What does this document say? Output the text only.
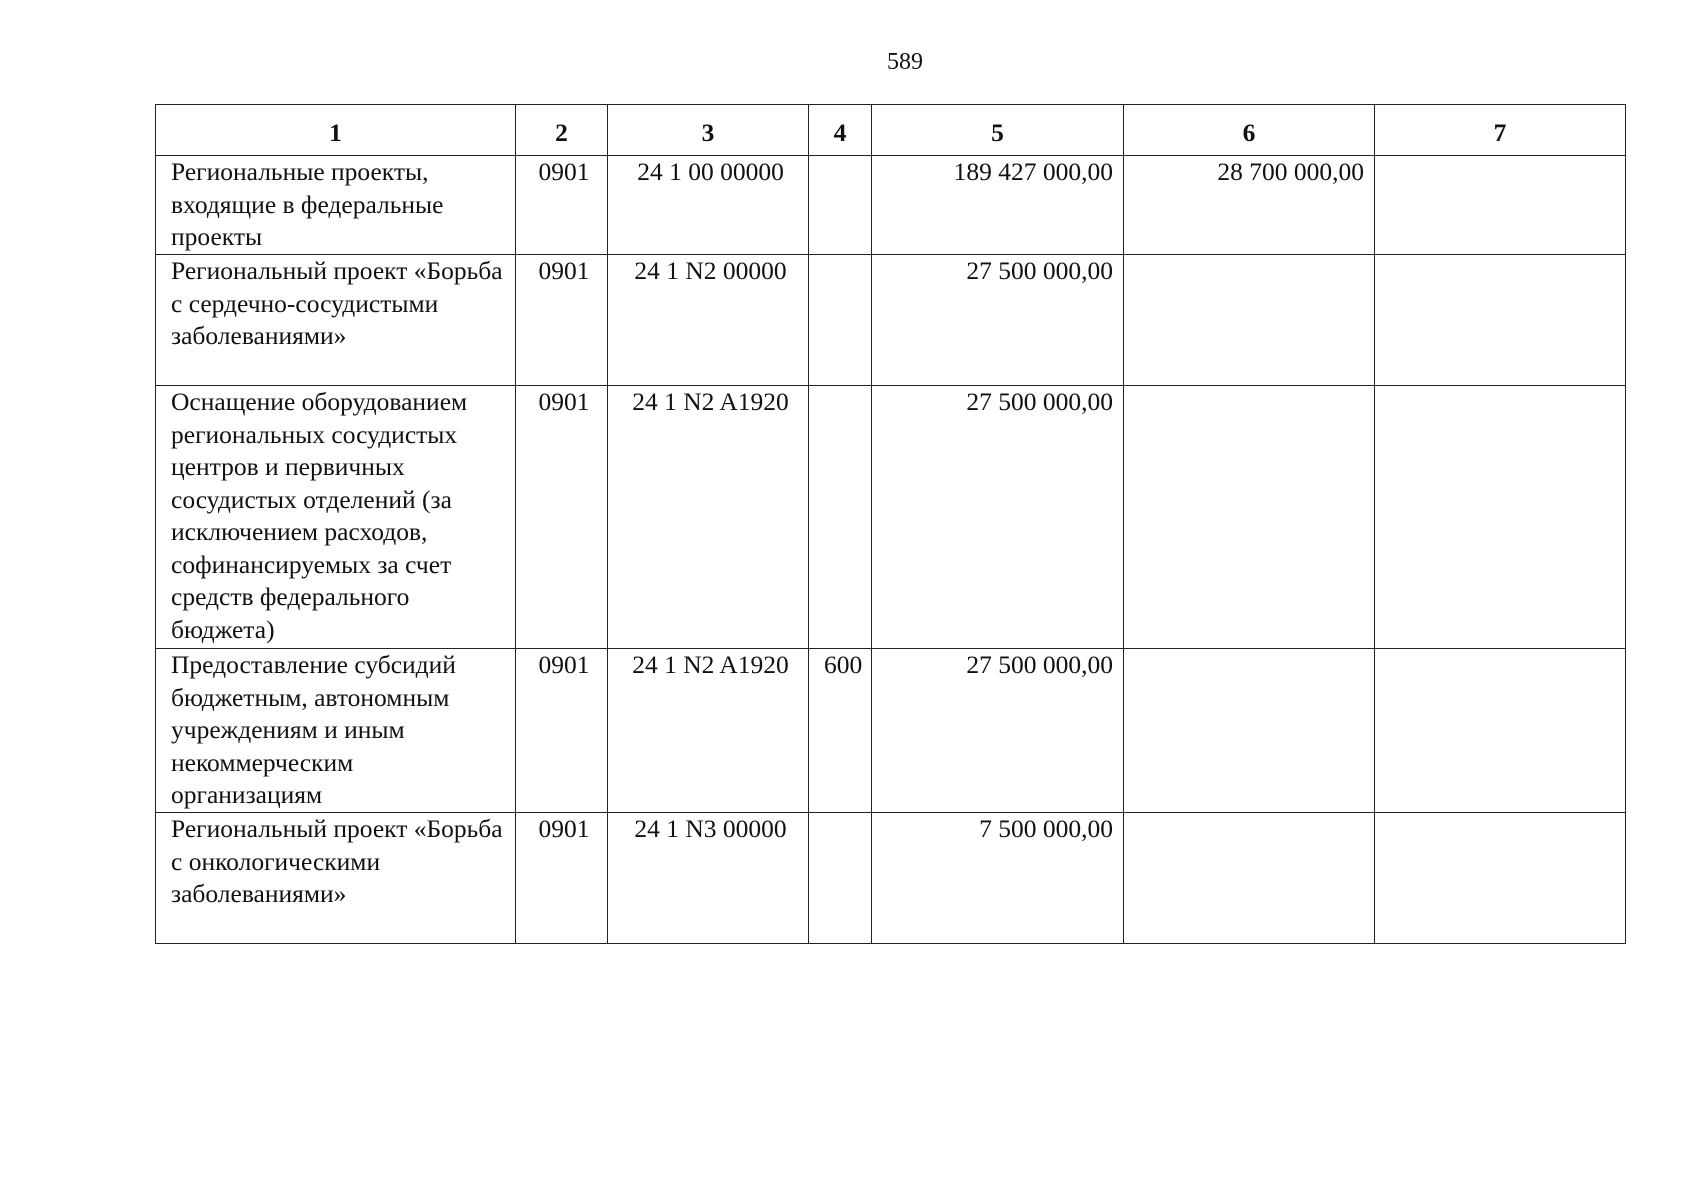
589
1	2	3	4	5	6	7
Региональные проекты, входящие в федеральные проекты	0901	24 1 00 00000		189 427 000,00	28 700 000,00	
Региональный проект «Борьба с сердечно-сосудистыми заболеваниями»	0901	24 1 N2 00000		27 500 000,00		
Оснащение оборудованием региональных сосудистых центров и первичных сосудистых отделений (за исключением расходов, софинансируемых за счет средств федерального бюджета)	0901	24 1 N2 A1920		27 500 000,00		
Предоставление субсидий бюджетным, автономным учреждениям и иным некоммерческим организациям	0901	24 1 N2 A1920	600	27 500 000,00		
Региональный проект «Борьба с онкологическими заболеваниями»	0901	24 1 N3 00000		7 500 000,00		
